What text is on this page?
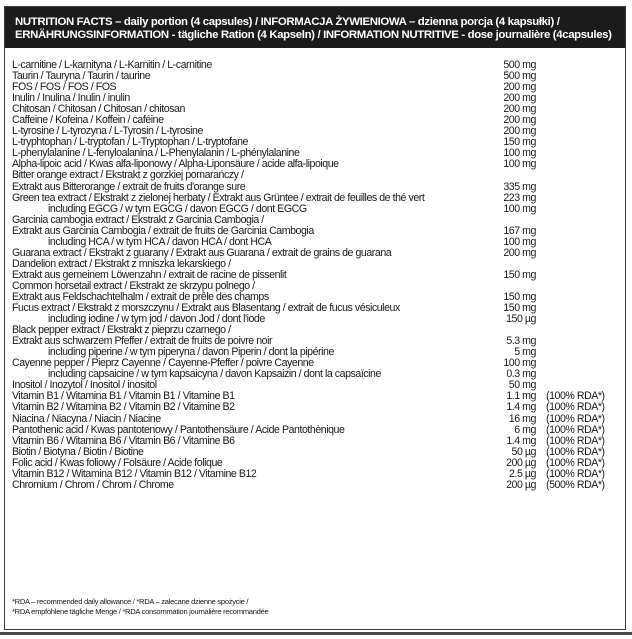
NUTRITION FACTS – daily portion (4 capsules) / INFORMACJA ŻYWIENIOWA – dzienna porcja (4 kapsułki) /
ERNÄHRUNGSINFORMATION - tägliche Ration (4 Kapseln) / INFORMATION NUTRITIVE - dose journalière (4capsules)
L-carnitine / L-karnityna / L-Karnitin / L-carnitine	500 mg
Taurin / Tauryna / Taurin / taurine	500 mg
FOS / FOS / FOS / FOS	200 mg
Inulin / Inulina / Inulin / inulin	200 mg
Chitosan / Chitosan / Chitosan / chitosan	200 mg
Caffeine / Kofeina / Koffein / caféine	200 mg
L-tyrosine / L-tyrozyna / L-Tyrosin / L-tyrosine	200 mg
L-tryphtophan / L-tryptofan / L-Tryptophan / L-tryptofane	150 mg
L-phenylalanine / L-fenyloalanina / L-Phenylalanin / L-phénylalanine	100 mg
Alpha-lipoic acid / Kwas alfa-liponowy / Alpha-Liponsäure / acide alfa-lipoique	100 mg
Bitter orange extract / Ekstrakt z gorzkiej pomarańczy /
Extrakt aus Bitterorange / extrait de fruits d'orange sure	335 mg
Green tea extract / Ekstrakt z zielonej herbaty / Extrakt aus Grüntee / extrait de feuilles de thé vert	223 mg
including EGCG / w tym EGCG / davon EGCG / dont EGCG	100 mg
Garcinia cambogia extract / Ekstrakt z Garcinia Cambogia /
Extrakt aus Garcinia Cambogia / extrait de fruits de Garcinia Cambogia	167 mg
including HCA / w tym HCA / davon HCA / dont HCA	100 mg
Guarana extract / Ekstrakt z guarany / Extrakt aus Guarana / extrait de grains de guarana	200 mg
Dandelion extract / Ekstrakt z mniszka lekarskiego /
Extrakt aus gemeinem Löwenzahn / extrait de racine de pissenlit	150 mg
Common horsetail extract / Ekstrakt ze skrzypu polnego /
Extrakt aus Feldschachtelhalm / extrait de prêle des champs	150 mg
Fucus extract / Ekstrakt z morszczynu / Extrakt aus Blasentang / extrait de fucus vésiculeux	150 mg
including iodine / w tym jod / davon Jod / dont l'iode	150 µg
Black pepper extract / Ekstrakt z pieprzu czarnego /
Extrakt aus schwarzem Pfeffer / extrait de fruits de poivre noir	5.3 mg
including piperine / w tym piperyna / davon Piperin / dont la pipérine	5 mg
Cayenne pepper / Pieprz Cayenne / Cayenne-Pfeffer / poivre Cayenne	100 mg
including capsaicine / w tym kapsaicyna / davon Kapsaizin / dont la capsaïcine	0.3 mg
Inositol / Inozytol / Inositol / inositol	50 mg
Vitamin B1 / Witamina B1 / Vitamin B1 / Vitamine B1	1.1 mg (100% RDA*)
Vitamin B2 / Witamina B2 / Vitamin B2 / Vitamine B2	1.4 mg (100% RDA*)
Niacina / Niacyna / Niacin / Niacine	16 mg (100% RDA*)
Pantothenic acid / Kwas pantotenowy / Pantothensäure / Acide Pantothènique	6 mg (100% RDA*)
Vitamin B6 / Witamina B6 / Vitamin B6 / Vitamine B6	1.4 mg (100% RDA*)
Biotin / Biotyna / Biotin / Biotine	50 µg (100% RDA*)
Folic acid / Kwas foliowy / Folsäure / Acide folique	200 µg (100% RDA*)
Vitamin B12 / Witamina B12 / Vitamin B12 / Vitamine B12	2.5 µg (100% RDA*)
Chromium / Chrom / Chrom / Chrome	200 µg (500% RDA*)
*RDA – recommended daily allowance / *RDA – zalecane dzienne spożycie /
*RDA empfohlene tägliche Menge / *RDA consommation journalière recommandée
